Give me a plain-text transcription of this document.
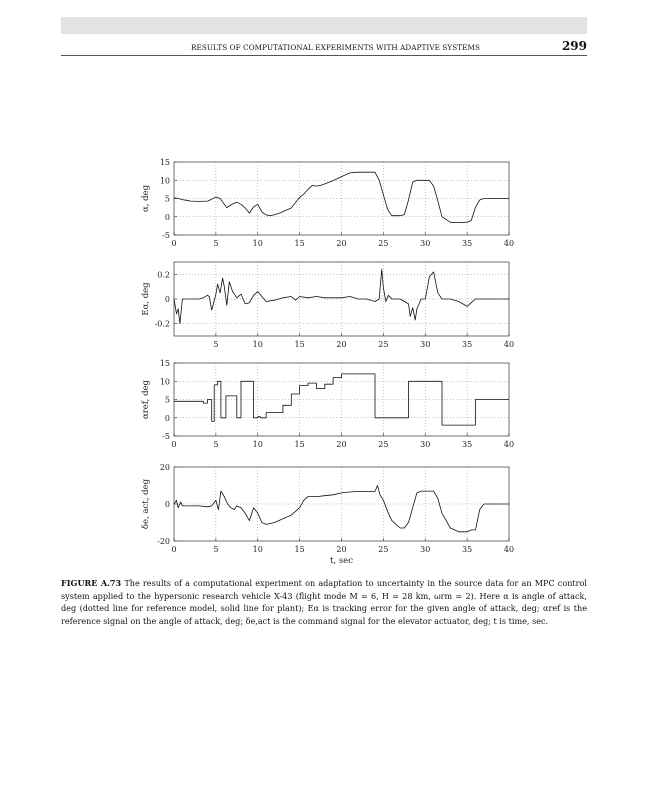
RESULTS OF COMPUTATIONAL EXPERIMENTS WITH ADAPTIVE SYSTEMS	299
0	5	10	15	20	25	30	35	40
15
10
5
0
-5
α, deg
5	10	15	20	25	30	35	40
0.2
0
-0.2
Eα, deg
0	5	10	15	20	25	30	35	40
15
10
5
0
-5
αref, deg
0	5	10	15	20	25	30	35	40
20
0
-20
δe, act, deg
t, sec
FIGURE A.73 The results of a computational experiment on adaptation to uncertainty in the source data for an MPC control system applied to the hypersonic research vehicle X-43 (flight mode M = 6, H = 28 km, ωrm = 2). Here α is angle of attack, deg (dotted line for reference model, solid line for plant); Eα is tracking error for the given angle of attack, deg; αref is the reference signal on the angle of attack, deg; δe,act is the command signal for the elevator actuator, deg; t is time, sec.
